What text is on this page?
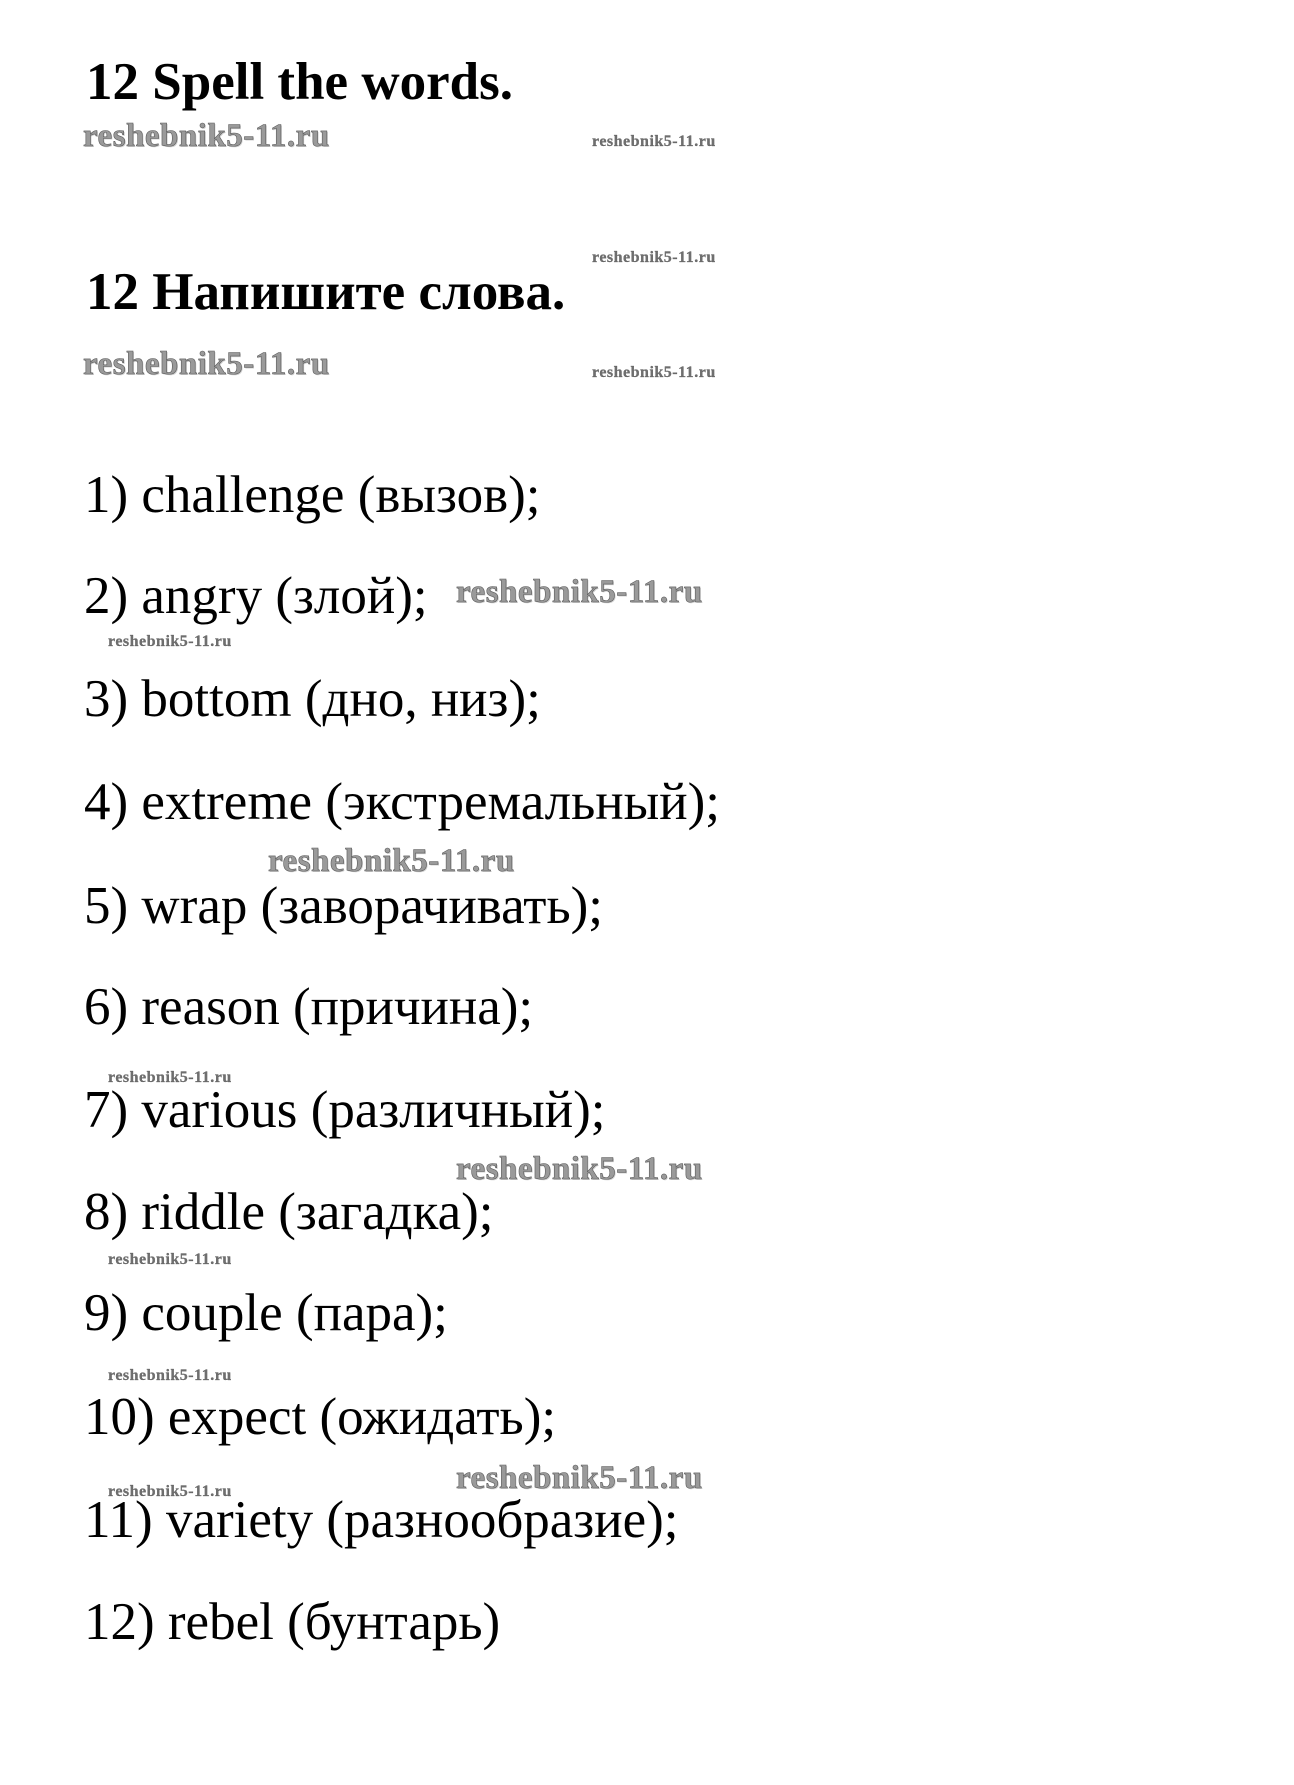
12 Spell the words.
12 Напишите слова.
1) challenge (вызов);
2) angry (злой);
3) bottom (дно, низ);
4) extreme (экстремальный);
5) wrap (заворачивать);
6) reason (причина);
7) various (различный);
8) riddle (загадка);
9) couple (пара);
10) expect (ожидать);
11) variety (разнообразие);
12) rebel (бунтарь)
reshebnik5-11.ru	reshebnik5-11.ru
reshebnik5-11.ru
reshebnik5-11.ru	reshebnik5-11.ru
reshebnik5-11.ru
reshebnik5-11.ru
reshebnik5-11.ru
reshebnik5-11.ru
reshebnik5-11.ru
reshebnik5-11.ru
reshebnik5-11.ru
reshebnik5-11.ru
reshebnik5-11.ru
